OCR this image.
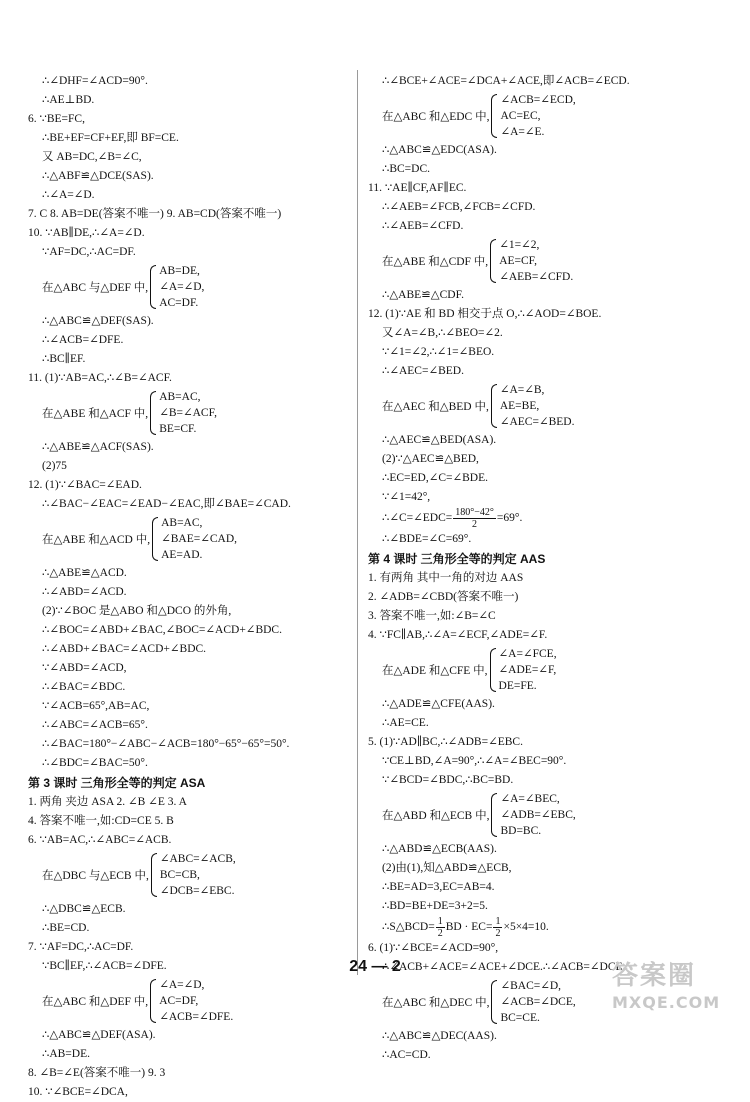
∴∠DHF=∠ACD=90°.
∴AE⊥BD.
6. ∵BE=FC,
∴BE+EF=CF+EF,即 BF=CE.
又 AB=DC,∠B=∠C,
∴△ABF≌△DCE(SAS).
∴∠A=∠D.
7. C 8. AB=DE(答案不唯一) 9. AB=CD(答案不唯一)
10. ∵AB∥DE,∴∠A=∠D.
∵AF=DC,∴AC=DF.
在△ABC 与△DEF 中,
AB=DE,
∠A=∠D,
AC=DF.
∴△ABC≌△DEF(SAS).
∴∠ACB=∠DFE.
∴BC∥EF.
11. (1)∵AB=AC,∴∠B=∠ACF.
在△ABE 和△ACF 中,
AB=AC,
∠B=∠ACF,
BE=CF.
∴△ABE≌△ACF(SAS).
(2)75
12. (1)∵∠BAC=∠EAD.
∴∠BAC−∠EAC=∠EAD−∠EAC,即∠BAE=∠CAD.
在△ABE 和△ACD 中,
AB=AC,
∠BAE=∠CAD,
AE=AD.
∴△ABE≌△ACD.
∴∠ABD=∠ACD.
(2)∵∠BOC 是△ABO 和△DCO 的外角,
∴∠BOC=∠ABD+∠BAC,∠BOC=∠ACD+∠BDC.
∴∠ABD+∠BAC=∠ACD+∠BDC.
∵∠ABD=∠ACD,
∴∠BAC=∠BDC.
∵∠ACB=65°,AB=AC,
∴∠ABC=∠ACB=65°.
∴∠BAC=180°−∠ABC−∠ACB=180°−65°−65°=50°.
∴∠BDC=∠BAC=50°.
第 3 课时 三角形全等的判定 ASA
1. 两角 夹边 ASA 2. ∠B ∠E 3. A
4. 答案不唯一,如:CD=CE 5. B
6. ∵AB=AC,∴∠ABC=∠ACB.
在△DBC 与△ECB 中,
∠ABC=∠ACB,
BC=CB,
∠DCB=∠EBC.
∴△DBC≌△ECB.
∴BE=CD.
7. ∵AF=DC,∴AC=DF.
∵BC∥EF,∴∠ACB=∠DFE.
在△ABC 和△DEF 中,
∠A=∠D,
AC=DF,
∠ACB=∠DFE.
∴△ABC≌△DEF(ASA).
∴AB=DE.
8. ∠B=∠E(答案不唯一) 9. 3
10. ∵∠BCE=∠DCA,
∴∠BCE+∠ACE=∠DCA+∠ACE,即∠ACB=∠ECD.
在△ABC 和△EDC 中,
∠ACB=∠ECD,
AC=EC,
∠A=∠E.
∴△ABC≌△EDC(ASA).
∴BC=DC.
11. ∵AE∥CF,AF∥EC.
∴∠AEB=∠FCB,∠FCB=∠CFD.
∴∠AEB=∠CFD.
在△ABE 和△CDF 中,
∠1=∠2,
AE=CF,
∠AEB=∠CFD.
∴△ABE≌△CDF.
12. (1)∵AE 和 BD 相交于点 O,∴∠AOD=∠BOE.
又∠A=∠B,∴∠BEO=∠2.
∵∠1=∠2,∴∠1=∠BEO.
∴∠AEC=∠BED.
在△AEC 和△BED 中,
∠A=∠B,
AE=BE,
∠AEC=∠BED.
∴△AEC≌△BED(ASA).
(2)∵△AEC≌△BED,
∴EC=ED,∠C=∠BDE.
∵∠1=42°,
∴∠C=∠EDC= $\frac{180^\circ-42^\circ}{2} =69^\circ$.
∴∠BDE=∠C=69°.
第 4 课时 三角形全等的判定 AAS
1. 有两角 其中一角的对边 AAS
2. ∠ADB=∠CBD(答案不唯一)
3. 答案不唯一,如:∠B=∠C
4. ∵FC∥AB,∴∠A=∠ECF,∠ADE=∠F.
在△ADE 和△CFE 中,
∠A=∠FCE,
∠ADE=∠F,
DE=FE.
∴△ADE≌△CFE(AAS).
∴AE=CE.
5. (1)∵AD∥BC,∴∠ADB=∠EBC.
∵CE⊥BD,∠A=90°,∴∠A=∠BEC=90°.
∵∠BCD=∠BDC,∴BC=BD.
在△ABD 和△ECB 中,
∠A=∠BEC,
∠ADB=∠EBC,
BD=BC.
∴△ABD≌△ECB(AAS).
(2)由(1),知△ABD≌△ECB,
∴BE=AD=3,EC=AB=4.
∴BD=BE+DE=3+2=5.
∴S△BCD= $\frac{1}{2}$ BD · $EC= \frac{1}{2} \times 5\times 4=10$.
6. (1)∵∠BCE=∠ACD=90°,
∴∠ACB+∠ACE=∠ACE+∠DCE.∴∠ACB=∠DCE.
在△ABC 和△DEC 中,
∠BAC=∠D,
∠ACB=∠DCE,
BC=CE.
∴△ABC≌△DEC(AAS).
∴AC=CD.
24 — 2	答案圈
MXQE.COM
